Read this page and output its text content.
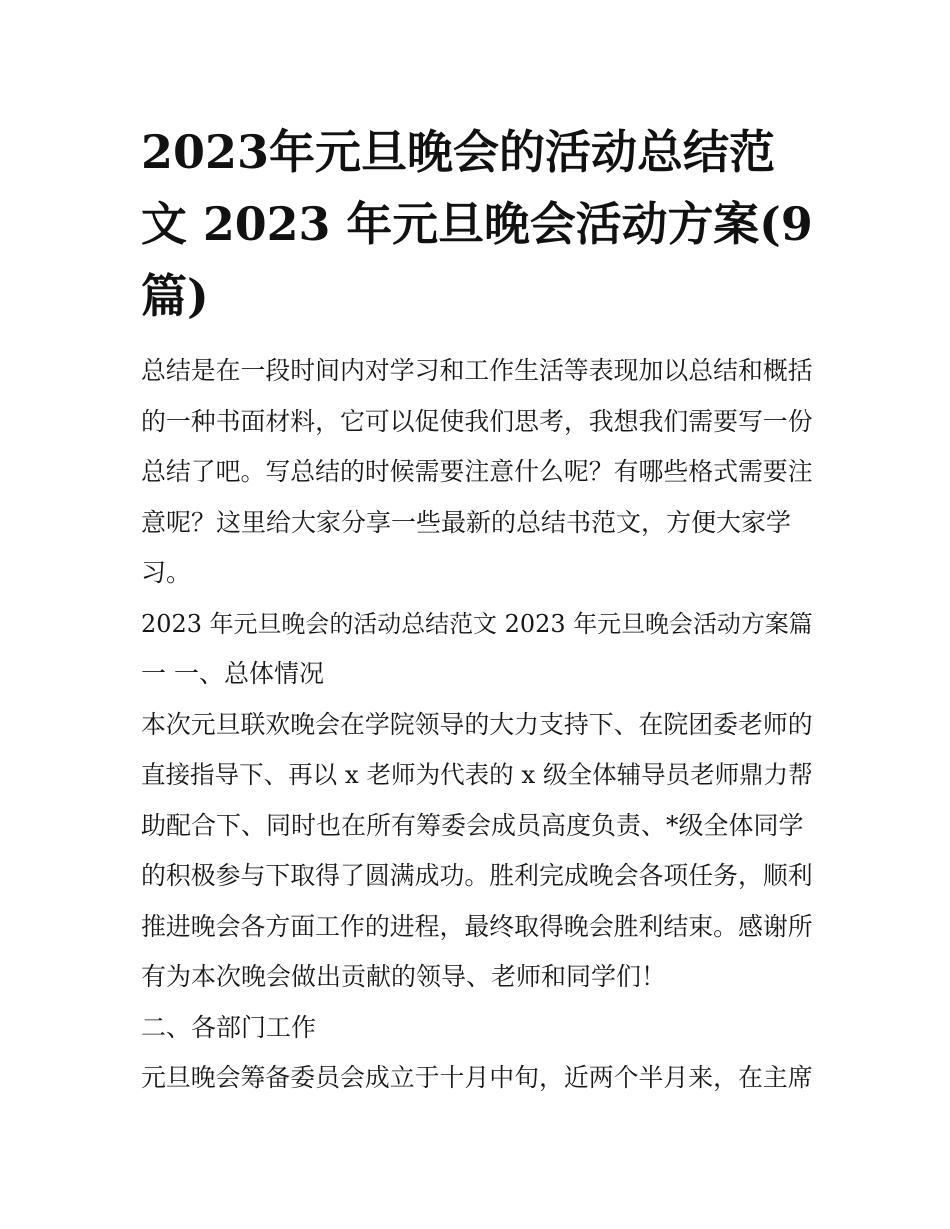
2023年元旦晚会的活动总结范
文 2023 年元旦晚会活动方案(9
篇)
总结是在一段时间内对学习和工作生活等表现加以总结和概括
的一种书面材料，它可以促使我们思考，我想我们需要写一份
总结了吧。写总结的时候需要注意什么呢？有哪些格式需要注
意呢？这里给大家分享一些最新的总结书范文，方便大家学
习。
2023 年元旦晚会的活动总结范文 2023 年元旦晚会活动方案篇
一 一、总体情况
本次元旦联欢晚会在学院领导的大力支持下、在院团委老师的
直接指导下、再以 x 老师为代表的 x 级全体辅导员老师鼎力帮
助配合下、同时也在所有筹委会成员高度负责、*级全体同学
的积极参与下取得了圆满成功。胜利完成晚会各项任务，顺利
推进晚会各方面工作的进程，最终取得晚会胜利结束。感谢所
有为本次晚会做出贡献的领导、老师和同学们！
二、各部门工作
元旦晚会筹备委员会成立于十月中旬，近两个半月来，在主席
